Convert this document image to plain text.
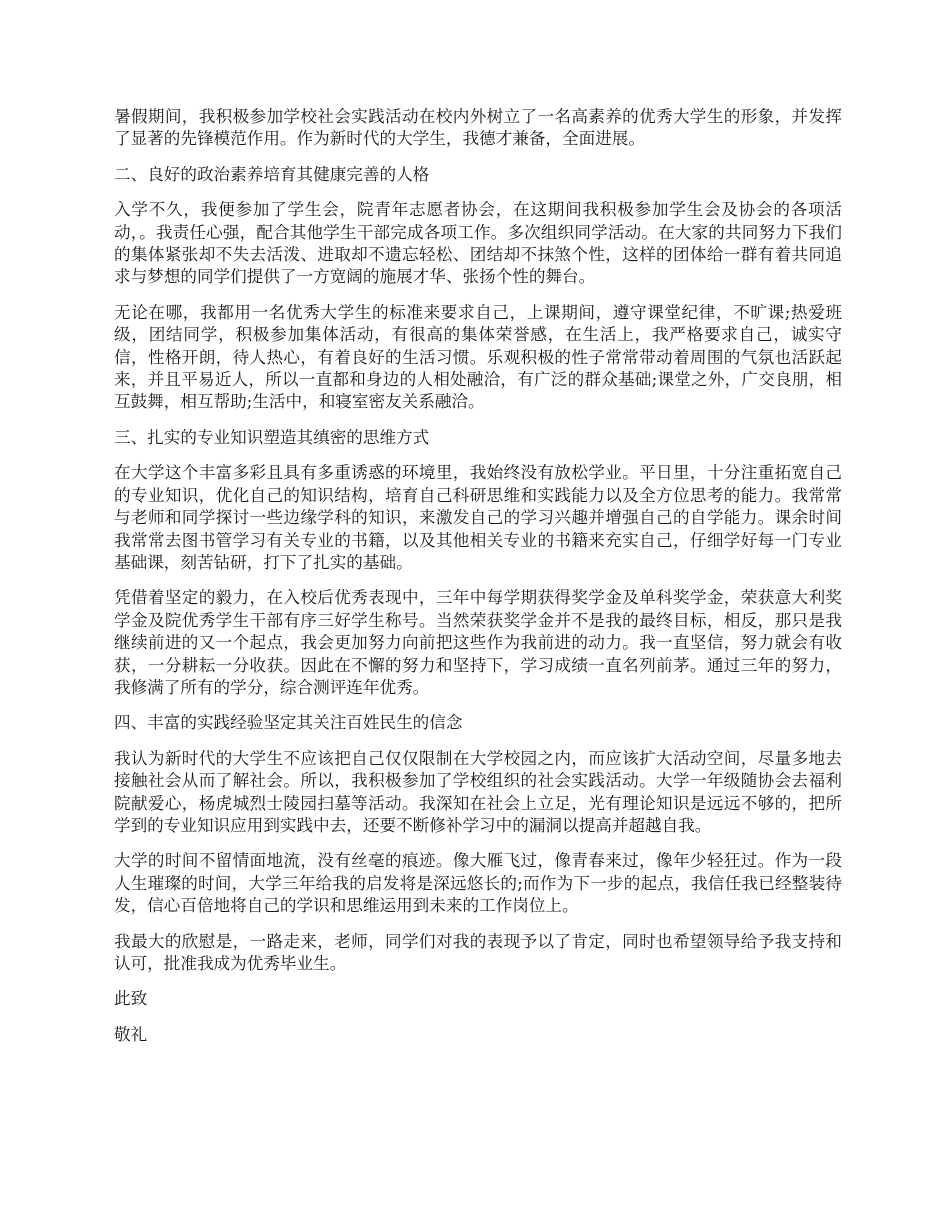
暑假期间，我积极参加学校社会实践活动在校内外树立了一名高素养的优秀大学生的形象，并发挥了显著的先锋模范作用。作为新时代的大学生，我德才兼备，全面进展。

二、良好的政治素养培育其健康完善的人格

入学不久，我便参加了学生会，院青年志愿者协会，在这期间我积极参加学生会及协会的各项活动，。我责任心强，配合其他学生干部完成各项工作。多次组织同学活动。在大家的共同努力下我们的集体紧张却不失去活泼、进取却不遗忘轻松、团结却不抹煞个性，这样的团体给一群有着共同追求与梦想的同学们提供了一方宽阔的施展才华、张扬个性的舞台。

无论在哪，我都用一名优秀大学生的标准来要求自己，上课期间，遵守课堂纪律，不旷课;热爱班级，团结同学，积极参加集体活动，有很高的集体荣誉感，在生活上，我严格要求自己，诚实守信，性格开朗，待人热心，有着良好的生活习惯。乐观积极的性子常常带动着周围的气氛也活跃起来，并且平易近人，所以一直都和身边的人相处融洽，有广泛的群众基础;课堂之外，广交良朋，相互鼓舞，相互帮助;生活中，和寝室密友关系融洽。

三、扎实的专业知识塑造其缜密的思维方式

在大学这个丰富多彩且具有多重诱惑的环境里，我始终没有放松学业。平日里，十分注重拓宽自己的专业知识，优化自己的知识结构，培育自己科研思维和实践能力以及全方位思考的能力。我常常与老师和同学探讨一些边缘学科的知识，来激发自己的学习兴趣并增强自己的自学能力。课余时间我常常去图书管学习有关专业的书籍，以及其他相关专业的书籍来充实自己，仔细学好每一门专业基础课，刻苦钻研，打下了扎实的基础。

凭借着坚定的毅力，在入校后优秀表现中，三年中每学期获得奖学金及单科奖学金，荣获意大利奖学金及院优秀学生干部有序三好学生称号。当然荣获奖学金并不是我的最终目标，相反，那只是我继续前进的又一个起点，我会更加努力向前把这些作为我前进的动力。我一直坚信，努力就会有收获，一分耕耘一分收获。因此在不懈的努力和坚持下，学习成绩一直名列前茅。通过三年的努力，我修满了所有的学分，综合测评连年优秀。

四、丰富的实践经验坚定其关注百姓民生的信念

我认为新时代的大学生不应该把自己仅仅限制在大学校园之内，而应该扩大活动空间，尽量多地去接触社会从而了解社会。所以，我积极参加了学校组织的社会实践活动。大学一年级随协会去福利院献爱心，杨虎城烈士陵园扫墓等活动。我深知在社会上立足，光有理论知识是远远不够的，把所学到的专业知识应用到实践中去，还要不断修补学习中的漏洞以提高并超越自我。

大学的时间不留情面地流，没有丝毫的痕迹。像大雁飞过，像青春来过，像年少轻狂过。作为一段人生璀璨的时间，大学三年给我的启发将是深远悠长的;而作为下一步的起点，我信任我已经整装待发，信心百倍地将自己的学识和思维运用到未来的工作岗位上。

我最大的欣慰是，一路走来，老师，同学们对我的表现予以了肯定，同时也希望领导给予我支持和认可，批准我成为优秀毕业生。

此致

敬礼
